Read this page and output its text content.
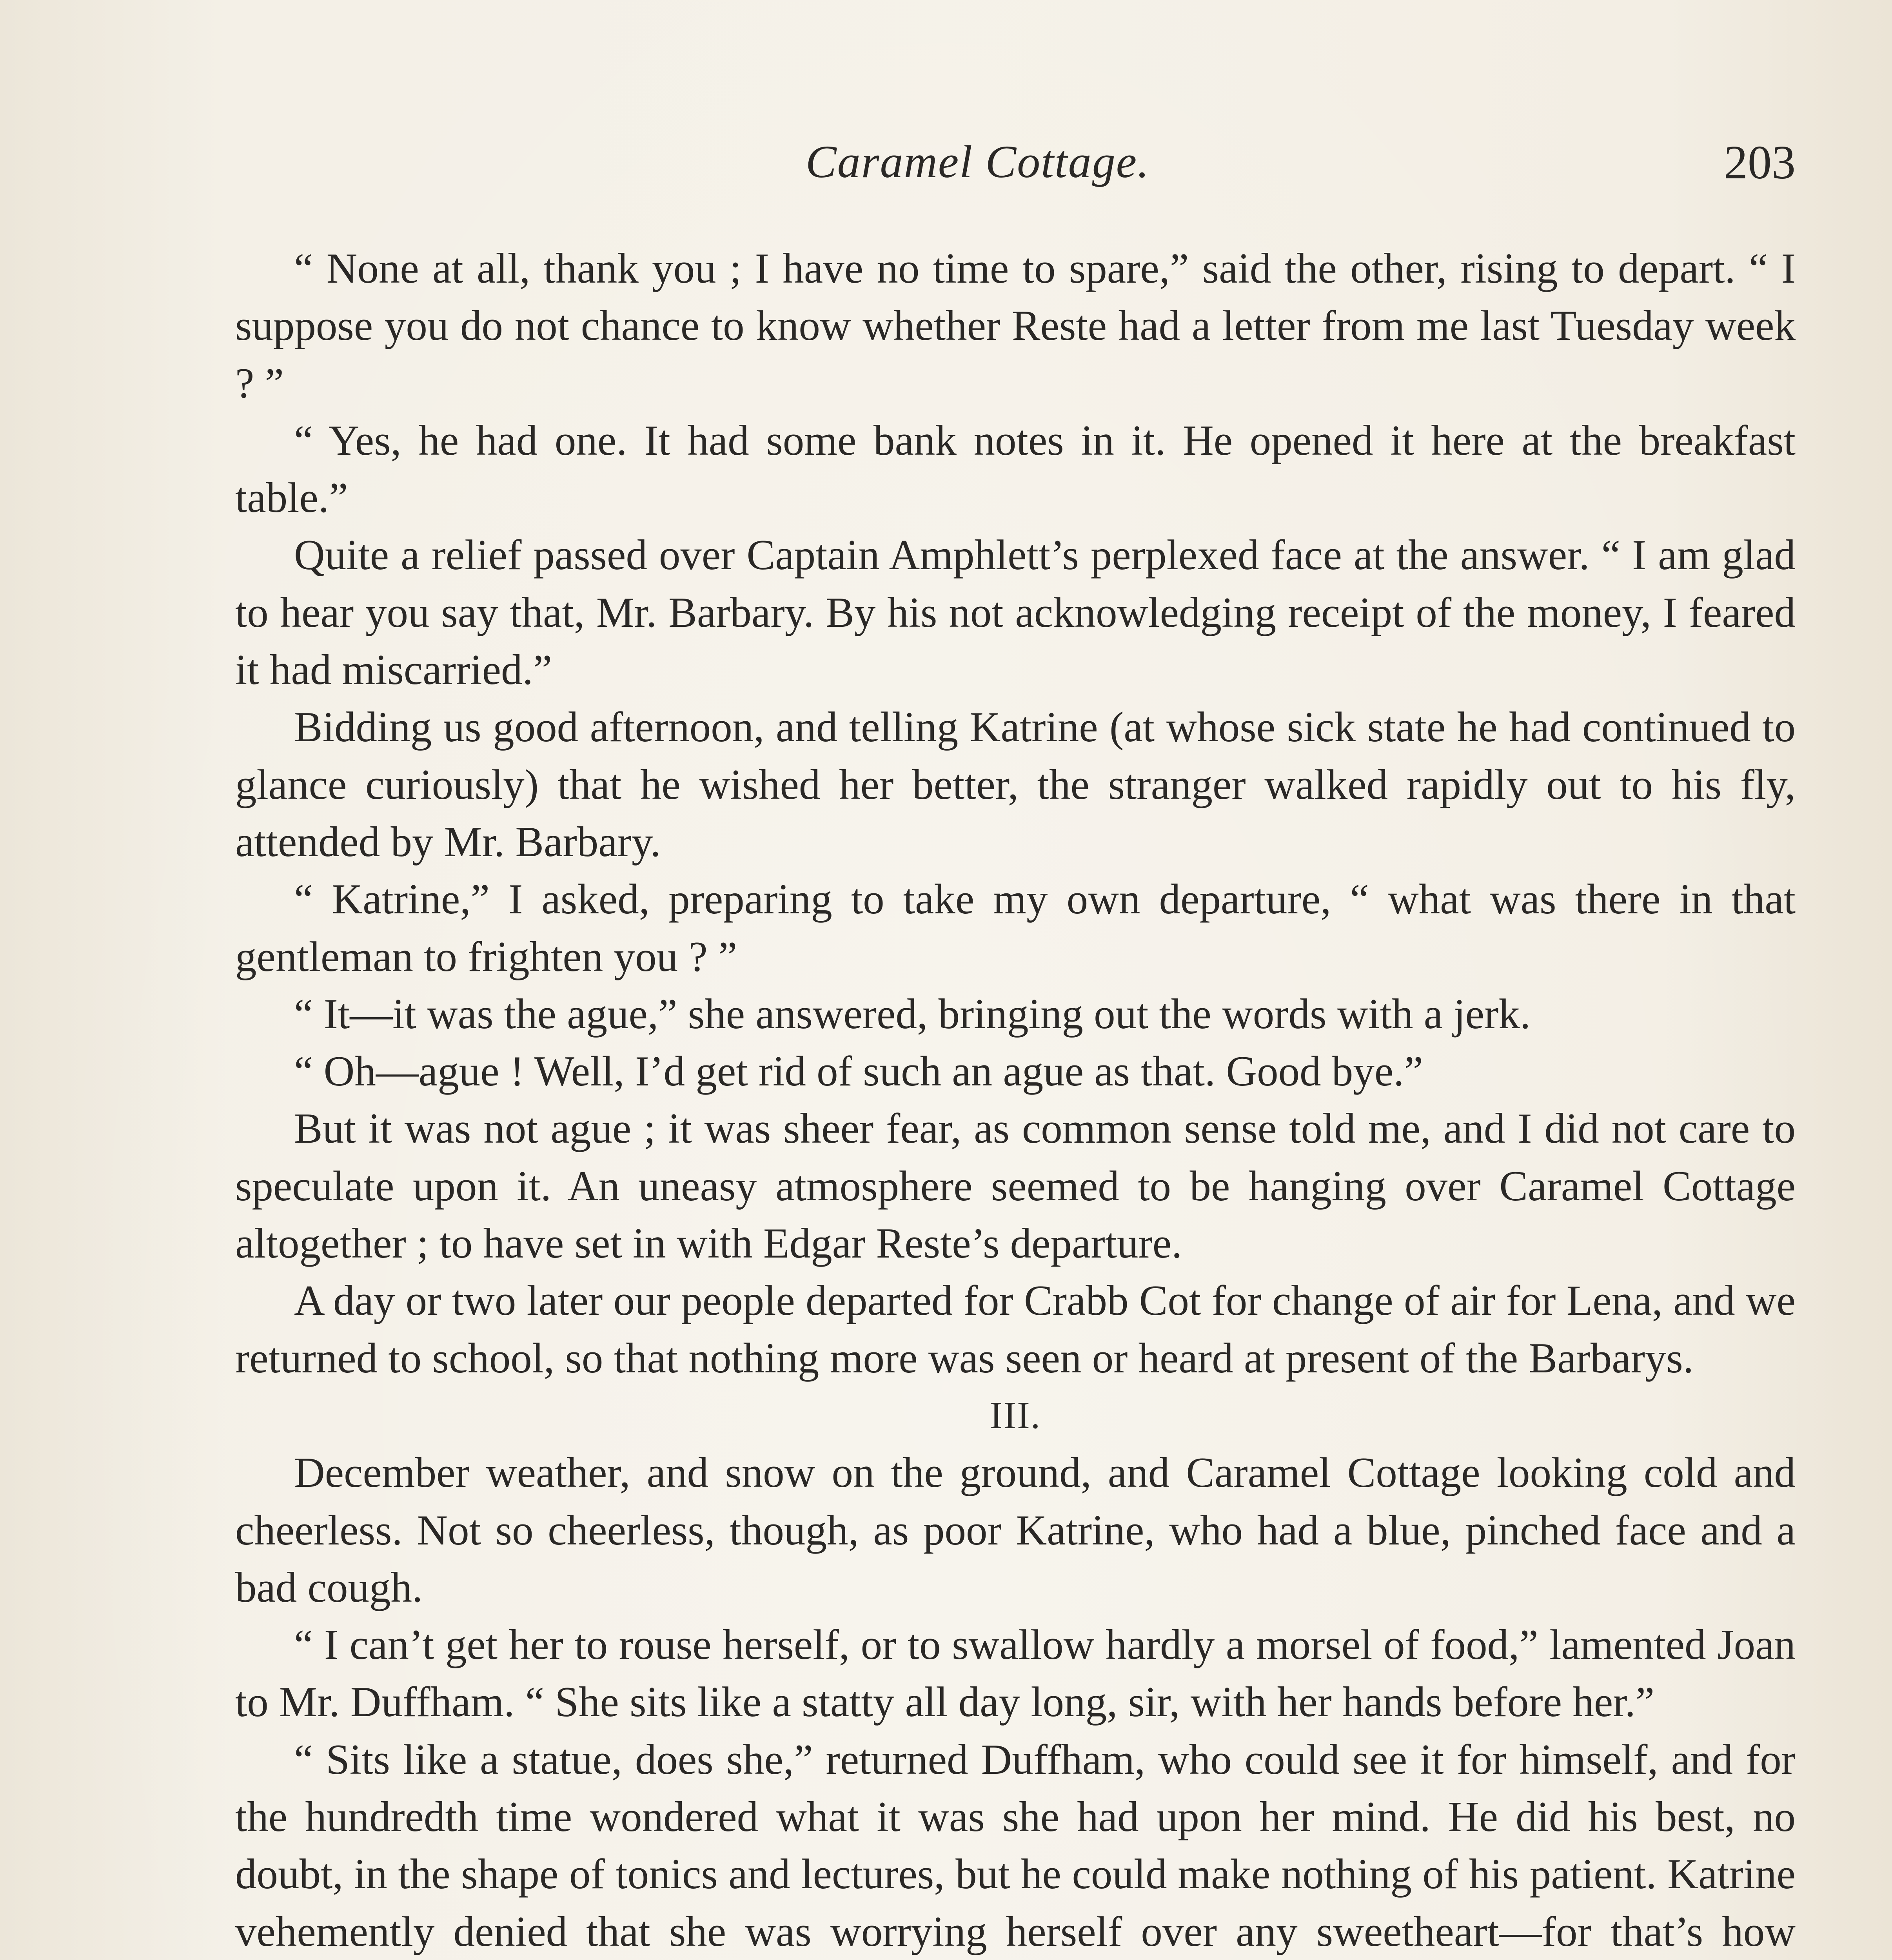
Caramel Cottage.	203

“ None at all, thank you ; I have no time to spare,” said the other, rising to depart. “ I suppose you do not chance to know whether Reste had a letter from me last Tuesday week ? ”

“ Yes, he had one. It had some bank notes in it. He opened it here at the breakfast table.”

Quite a relief passed over Captain Amphlett’s perplexed face at the answer. “ I am glad to hear you say that, Mr. Barbary. By his not acknowledging receipt of the money, I feared it had miscarried.”

Bidding us good afternoon, and telling Katrine (at whose sick state he had continued to glance curiously) that he wished her better, the stranger walked rapidly out to his fly, attended by Mr. Barbary.

“ Katrine,” I asked, preparing to take my own departure, “ what was there in that gentleman to frighten you ? ”

“ It—it was the ague,” she answered, bringing out the words with a jerk.

“ Oh—ague ! Well, I’d get rid of such an ague as that. Good bye.”

But it was not ague ; it was sheer fear, as common sense told me, and I did not care to speculate upon it. An uneasy atmosphere seemed to be hanging over Caramel Cottage altogether ; to have set in with Edgar Reste’s departure.

A day or two later our people departed for Crabb Cot for change of air for Lena, and we returned to school, so that nothing more was seen or heard at present of the Barbarys.

III.

December weather, and snow on the ground, and Caramel Cottage looking cold and cheerless. Not so cheerless, though, as poor Katrine, who had a blue, pinched face and a bad cough.

“ I can’t get her to rouse herself, or to swallow hardly a morsel of food,” lamented Joan to Mr. Duffham. “ She sits like a statty all day long, sir, with her hands before her.”

“ Sits like a statue, does she,” returned Duffham, who could see it for himself, and for the hundredth time wondered what it was she had upon her mind. He did his best, no doubt, in the shape of tonics and lectures, but he could make nothing of his patient. Katrine vehemently denied that she was worrying herself over any sweetheart—for that’s how
